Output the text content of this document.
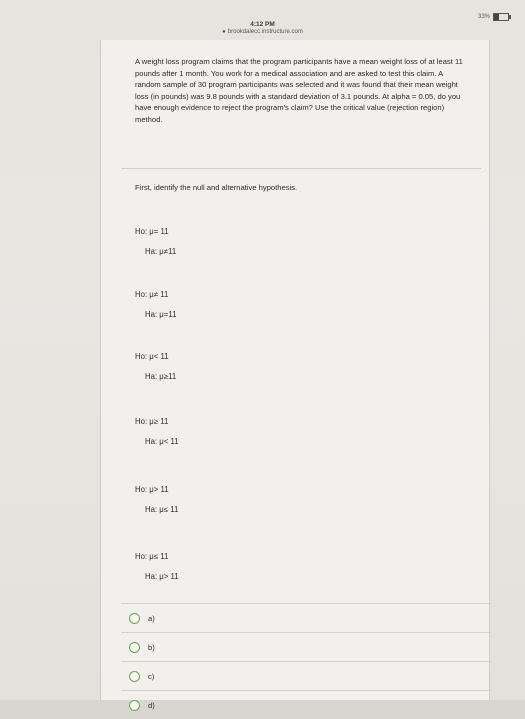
4:12 PM
● brookdalecc.instructure.com
33%
A weight loss program claims that the program participants have a mean weight loss of at least 11 pounds after 1 month. You work for a medical association and are asked to test this claim. A random sample of 30 program participants was selected and it was found that their mean weight loss (in pounds) was 9.8 pounds with a standard deviation of 3.1 pounds. At alpha = 0.05, do you have enough evidence to reject the program's claim? Use the critical value (rejection region) method.
First, identify the null and alternative hypothesis.
Ho: μ= 11
Ha: μ≠11
Ho: μ≠ 11
Ha: μ=11
Ho: μ< 11
Ha: μ≥11
Ho: μ≥ 11
Ha: μ< 11
Ho: μ> 11
Ha: μ≤ 11
Ho: μ≤ 11
Ha: μ> 11
a)
b)
c)
d)
